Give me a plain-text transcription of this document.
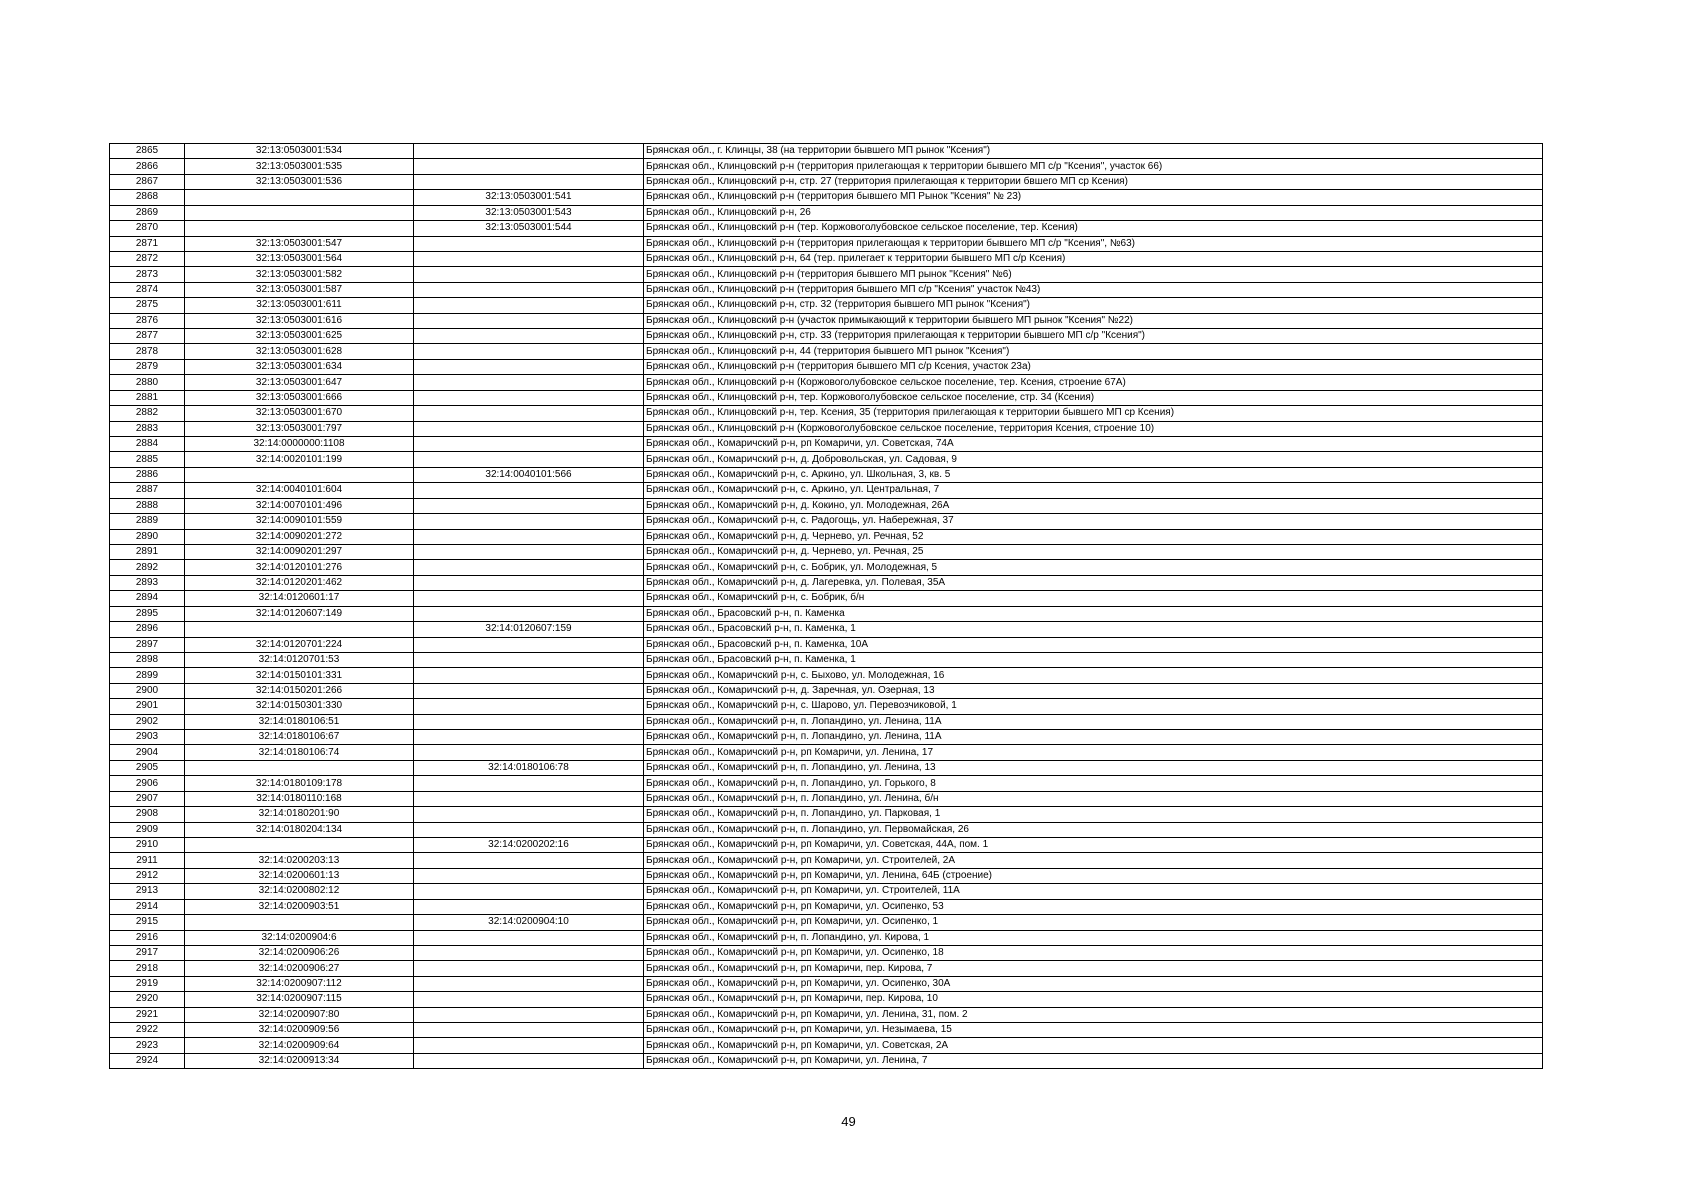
2865	32:13:0503001:534		Брянская обл., г. Клинцы, 38 (на территории бывшего МП рынок "Ксения")
2866	32:13:0503001:535		Брянская обл., Клинцовский р-н (территория прилегающая к территории бывшего МП с/р "Ксения", участок 66)
2867	32:13:0503001:536		Брянская обл., Клинцовский р-н, стр. 27 (территория прилегающая к территории бвшего МП ср Ксения)
2868		32:13:0503001:541	Брянская обл., Клинцовский р-н (территория бывшего МП Рынок "Ксения" № 23)
2869		32:13:0503001:543	Брянская обл., Клинцовский р-н, 26
2870		32:13:0503001:544	Брянская обл., Клинцовский р-н (тер. Коржовоголубовское сельское поселение, тер. Ксения)
2871	32:13:0503001:547		Брянская обл., Клинцовский р-н (территория прилегающая к территории бывшего МП с/р "Ксения", №63)
2872	32:13:0503001:564		Брянская обл., Клинцовский р-н, 64 (тер. прилегает к территории бывшего МП с/р Ксения)
2873	32:13:0503001:582		Брянская обл., Клинцовский р-н (территория бывшего МП рынок "Ксения" №6)
2874	32:13:0503001:587		Брянская обл., Клинцовский р-н (территория бывшего МП с/р "Ксения" участок №43)
2875	32:13:0503001:611		Брянская обл., Клинцовский р-н, стр. 32 (территория бывшего МП рынок "Ксения")
2876	32:13:0503001:616		Брянская обл., Клинцовский р-н (участок примыкающий к территории бывшего МП рынок "Ксения" №22)
2877	32:13:0503001:625		Брянская обл., Клинцовский р-н, стр. 33 (территория прилегающая к территории бывшего МП с/р "Ксения")
2878	32:13:0503001:628		Брянская обл., Клинцовский р-н, 44 (территория бывшего МП рынок "Ксения")
2879	32:13:0503001:634		Брянская обл., Клинцовский р-н (территория бывшего МП с/р Ксения, участок 23а)
2880	32:13:0503001:647		Брянская обл., Клинцовский р-н (Коржовоголубовское сельское поселение, тер. Ксения, строение 67А)
2881	32:13:0503001:666		Брянская обл., Клинцовский р-н, тер. Коржовоголубовское сельское поселение, стр. 34 (Ксения)
2882	32:13:0503001:670		Брянская обл., Клинцовский р-н, тер. Ксения, 35 (территория прилегающая к территории бывшего МП ср Ксения)
2883	32:13:0503001:797		Брянская обл., Клинцовский р-н (Коржовоголубовское сельское поселение, территория Ксения, строение 10)
2884	32:14:0000000:1108		Брянская обл., Комаричский р-н, рп Комаричи, ул. Советская, 74А
2885	32:14:0020101:199		Брянская обл., Комаричский р-н, д. Добровольская, ул. Садовая, 9
2886		32:14:0040101:566	Брянская обл., Комаричский р-н, с. Аркино, ул. Школьная, 3, кв. 5
2887	32:14:0040101:604		Брянская обл., Комаричский р-н, с. Аркино, ул. Центральная, 7
2888	32:14:0070101:496		Брянская обл., Комаричский р-н, д. Кокино, ул. Молодежная, 26А
2889	32:14:0090101:559		Брянская обл., Комаричский р-н, с. Радогощь, ул. Набережная, 37
2890	32:14:0090201:272		Брянская обл., Комаричский р-н, д. Чернево, ул. Речная, 52
2891	32:14:0090201:297		Брянская обл., Комаричский р-н, д. Чернево, ул. Речная, 25
2892	32:14:0120101:276		Брянская обл., Комаричский р-н, с. Бобрик, ул. Молодежная, 5
2893	32:14:0120201:462		Брянская обл., Комаричский р-н, д. Лагеревка, ул. Полевая, 35А
2894	32:14:0120601:17		Брянская обл., Комаричский р-н, с. Бобрик, б/н
2895	32:14:0120607:149		Брянская обл., Брасовский р-н, п. Каменка
2896		32:14:0120607:159	Брянская обл., Брасовский р-н, п. Каменка, 1
2897	32:14:0120701:224		Брянская обл., Брасовский р-н, п. Каменка, 10А
2898	32:14:0120701:53		Брянская обл., Брасовский р-н, п. Каменка, 1
2899	32:14:0150101:331		Брянская обл., Комаричский р-н, с. Быхово, ул. Молодежная, 16
2900	32:14:0150201:266		Брянская обл., Комаричский р-н, д. Заречная, ул. Озерная, 13
2901	32:14:0150301:330		Брянская обл., Комаричский р-н, с. Шарово, ул. Перевозчиковой, 1
2902	32:14:0180106:51		Брянская обл., Комаричский р-н, п. Лопандино, ул. Ленина, 11А
2903	32:14:0180106:67		Брянская обл., Комаричский р-н, п. Лопандино, ул. Ленина, 11А
2904	32:14:0180106:74		Брянская обл., Комаричский р-н, рп Комаричи, ул. Ленина, 17
2905		32:14:0180106:78	Брянская обл., Комаричский р-н, п. Лопандино, ул. Ленина, 13
2906	32:14:0180109:178		Брянская обл., Комаричский р-н, п. Лопандино, ул. Горького, 8
2907	32:14:0180110:168		Брянская обл., Комаричский р-н, п. Лопандино, ул. Ленина, б/н
2908	32:14:0180201:90		Брянская обл., Комаричский р-н, п. Лопандино, ул. Парковая, 1
2909	32:14:0180204:134		Брянская обл., Комаричский р-н, п. Лопандино, ул. Первомайская, 26
2910		32:14:0200202:16	Брянская обл., Комаричский р-н, рп Комаричи, ул. Советская, 44А, пом. 1
2911	32:14:0200203:13		Брянская обл., Комаричский р-н, рп Комаричи, ул. Строителей, 2А
2912	32:14:0200601:13		Брянская обл., Комаричский р-н, рп Комаричи, ул. Ленина, 64Б (строение)
2913	32:14:0200802:12		Брянская обл., Комаричский р-н, рп Комаричи, ул. Строителей, 11А
2914	32:14:0200903:51		Брянская обл., Комаричский р-н, рп Комаричи, ул. Осипенко, 53
2915		32:14:0200904:10	Брянская обл., Комаричский р-н, рп Комаричи, ул. Осипенко, 1
2916	32:14:0200904:6		Брянская обл., Комаричский р-н, п. Лопандино, ул. Кирова, 1
2917	32:14:0200906:26		Брянская обл., Комаричский р-н, рп Комаричи, ул. Осипенко, 18
2918	32:14:0200906:27		Брянская обл., Комаричский р-н, рп Комаричи, пер. Кирова, 7
2919	32:14:0200907:112		Брянская обл., Комаричский р-н, рп Комаричи, ул. Осипенко, 30А
2920	32:14:0200907:115		Брянская обл., Комаричский р-н, рп Комаричи, пер. Кирова, 10
2921	32:14:0200907:80		Брянская обл., Комаричский р-н, рп Комаричи, ул. Ленина, 31, пом. 2
2922	32:14:0200909:56		Брянская обл., Комаричский р-н, рп Комаричи, ул. Незымаева, 15
2923	32:14:0200909:64		Брянская обл., Комаричский р-н, рп Комаричи, ул. Советская, 2А
2924	32:14:0200913:34		Брянская обл., Комаричский р-н, рп Комаричи, ул. Ленина, 7
49
